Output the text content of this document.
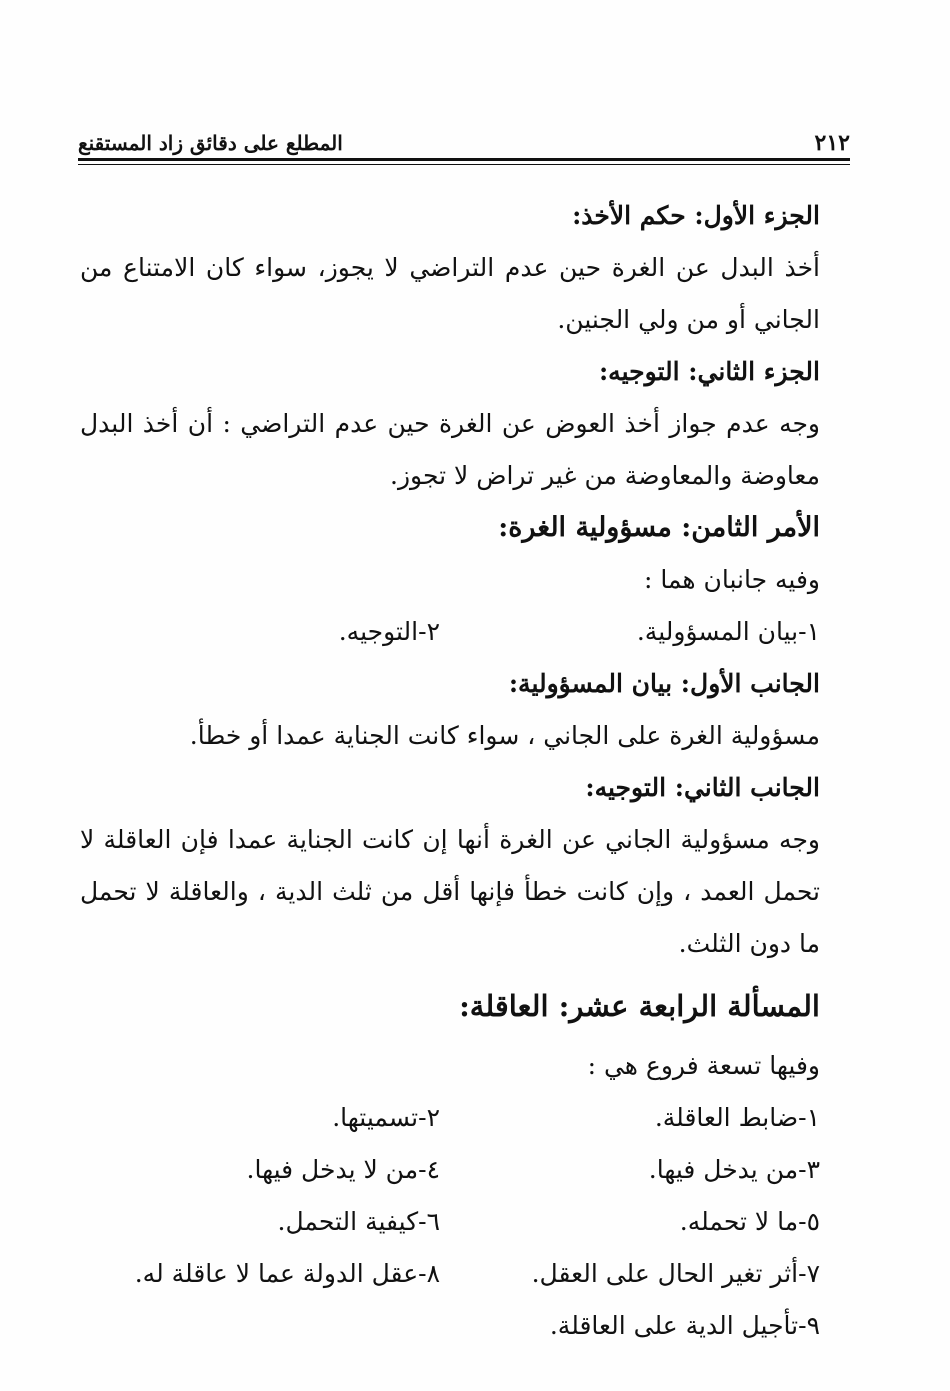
٢١٢
المطلع على دقائق زاد المستقنع

الجزء الأول: حكم الأخذ:

أخذ البدل عن الغرة حين عدم التراضي لا يجوز، سواء كان الامتناع من الجاني أو من ولي الجنين.

الجزء الثاني: التوجيه:

وجه عدم جواز أخذ العوض عن الغرة حين عدم التراضي : أن أخذ البدل معاوضة والمعاوضة من غير تراض لا تجوز.

الأمر الثامن: مسؤولية الغرة:

وفيه جانبان هما :

١-بيان المسؤولية.
٢-التوجيه.

الجانب الأول: بيان المسؤولية:

مسؤولية الغرة على الجاني ، سواء كانت الجناية عمدا أو خطأ.

الجانب الثاني: التوجيه:

وجه مسؤولية الجاني عن الغرة أنها إن كانت الجناية عمدا فإن العاقلة لا تحمل العمد ، وإن كانت خطأ فإنها أقل من ثلث الدية ، والعاقلة لا تحمل ما دون الثلث.

المسألة الرابعة عشر: العاقلة:

وفيها تسعة فروع هي :

١-ضابط العاقلة.
٢-تسميتها.
٣-من يدخل فيها.
٤-من لا يدخل فيها.
٥-ما لا تحمله.
٦-كيفية التحمل.
٧-أثر تغير الحال على العقل.
٨-عقل الدولة عما لا عاقلة له.
٩-تأجيل الدية على العاقلة.
